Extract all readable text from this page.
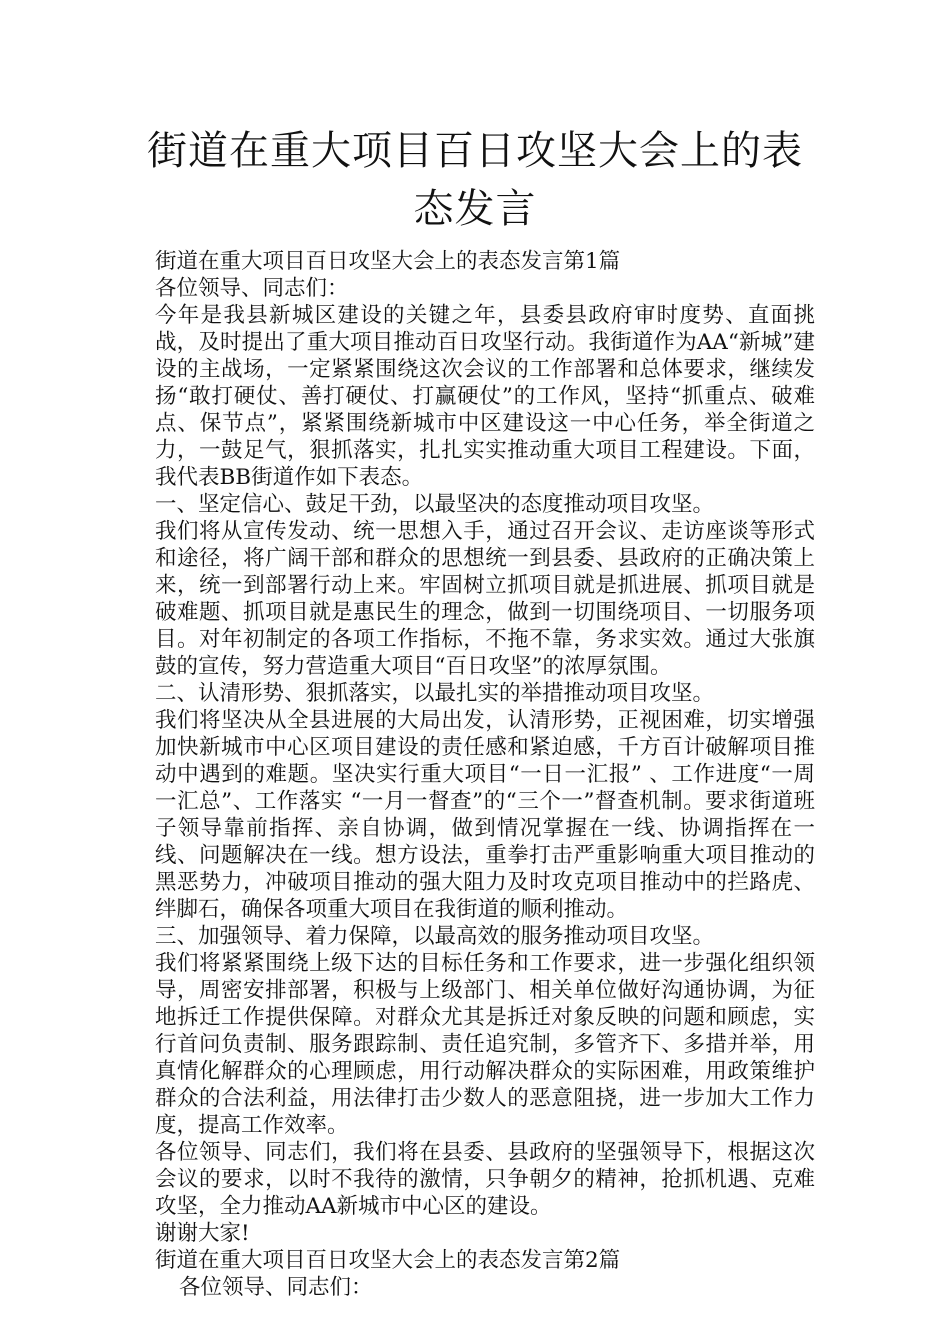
街道在重大项目百日攻坚大会上的表态发言

街道在重大项目百日攻坚大会上的表态发言第1篇

各位领导、同志们：

今年是我县新城区建设的关键之年，县委县政府审时度势、直面挑战，及时提出了重大项目推动百日攻坚行动。我街道作为AA“新城”建设的主战场，一定紧紧围绕这次会议的工作部署和总体要求，继续发扬“敢打硬仗、善打硬仗、打赢硬仗”的工作风，坚持“抓重点、破难点、保节点”，紧紧围绕新城市中区建设这一中心任务，举全街道之力，一鼓足气，狠抓落实，扎扎实实推动重大项目工程建设。下面，我代表BB街道作如下表态。

一、坚定信心、鼓足干劲，以最坚决的态度推动项目攻坚。

我们将从宣传发动、统一思想入手，通过召开会议、走访座谈等形式和途径，将广阔干部和群众的思想统一到县委、县政府的正确决策上来，统一到部署行动上来。牢固树立抓项目就是抓进展、抓项目就是破难题、抓项目就是惠民生的理念，做到一切围绕项目、一切服务项目。对年初制定的各项工作指标，不拖不靠，务求实效。通过大张旗鼓的宣传，努力营造重大项目“百日攻坚”的浓厚氛围。

二、认清形势、狠抓落实，以最扎实的举措推动项目攻坚。

我们将坚决从全县进展的大局出发，认清形势，正视困难，切实增强加快新城市中心区项目建设的责任感和紧迫感，千方百计破解项目推动中遇到的难题。坚决实行重大项目“一日一汇报” 、工作进度“一周一汇总”、工作落实 “一月一督查”的“三个一”督查机制。要求街道班子领导靠前指挥、亲自协调，做到情况掌握在一线、协调指挥在一线、问题解决在一线。想方设法，重拳打击严重影响重大项目推动的黑恶势力，冲破项目推动的强大阻力及时攻克项目推动中的拦路虎、绊脚石，确保各项重大项目在我街道的顺利推动。

三、加强领导、着力保障，以最高效的服务推动项目攻坚。

我们将紧紧围绕上级下达的目标任务和工作要求，进一步强化组织领导，周密安排部署，积极与上级部门、相关单位做好沟通协调，为征地拆迁工作提供保障。对群众尤其是拆迁对象反映的问题和顾虑，实行首问负责制、服务跟踪制、责任追究制，多管齐下、多措并举，用真情化解群众的心理顾虑，用行动解决群众的实际困难，用政策维护群众的合法利益，用法律打击少数人的恶意阻挠，进一步加大工作力度，提高工作效率。

各位领导、同志们，我们将在县委、县政府的坚强领导下，根据这次会议的要求，以时不我待的激情，只争朝夕的精神，抢抓机遇、克难攻坚，全力推动AA新城市中心区的建设。

谢谢大家!

街道在重大项目百日攻坚大会上的表态发言第2篇

各位领导、同志们：
